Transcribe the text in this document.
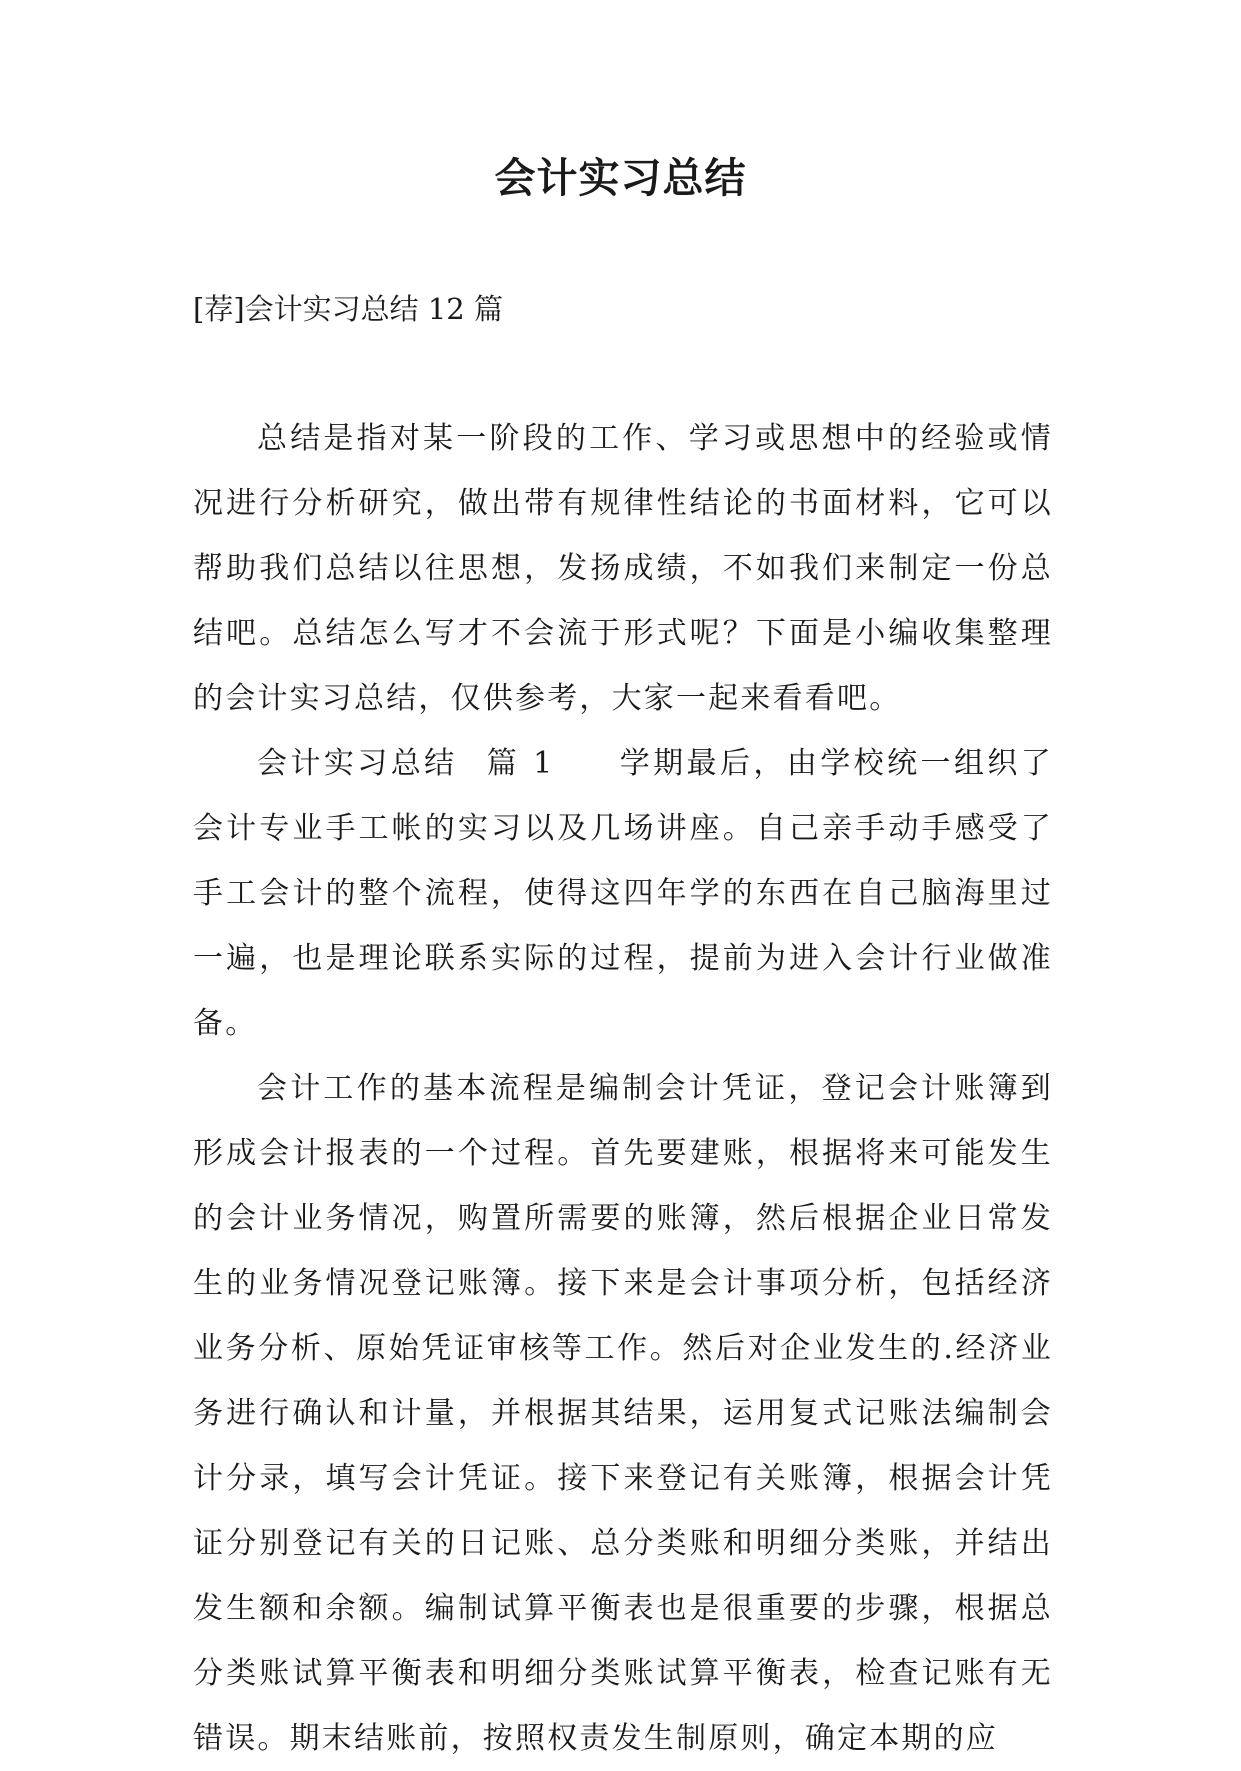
会计实习总结

[荐]会计实习总结 12 篇

总结是指对某一阶段的工作、学习或思想中的经验或情况进行分析研究，做出带有规律性结论的书面材料，它可以帮助我们总结以往思想，发扬成绩，不如我们来制定一份总结吧。总结怎么写才不会流于形式呢？下面是小编收集整理的会计实习总结，仅供参考，大家一起来看看吧。

会计实习总结 篇 1 学期最后，由学校统一组织了会计专业手工帐的实习以及几场讲座。自己亲手动手感受了手工会计的整个流程，使得这四年学的东西在自己脑海里过一遍，也是理论联系实际的过程，提前为进入会计行业做准备。

会计工作的基本流程是编制会计凭证，登记会计账簿到形成会计报表的一个过程。首先要建账，根据将来可能发生的会计业务情况，购置所需要的账簿，然后根据企业日常发生的业务情况登记账簿。接下来是会计事项分析，包括经济业务分析、原始凭证审核等工作。然后对企业发生的.经济业务进行确认和计量，并根据其结果，运用复式记账法编制会计分录，填写会计凭证。接下来登记有关账簿，根据会计凭证分别登记有关的日记账、总分类账和明细分类账，并结出发生额和余额。编制试算平衡表也是很重要的步骤，根据总分类账试算平衡表和明细分类账试算平衡表，检查记账有无错误。期末结账前，按照权责发生制原则，确定本期的应
